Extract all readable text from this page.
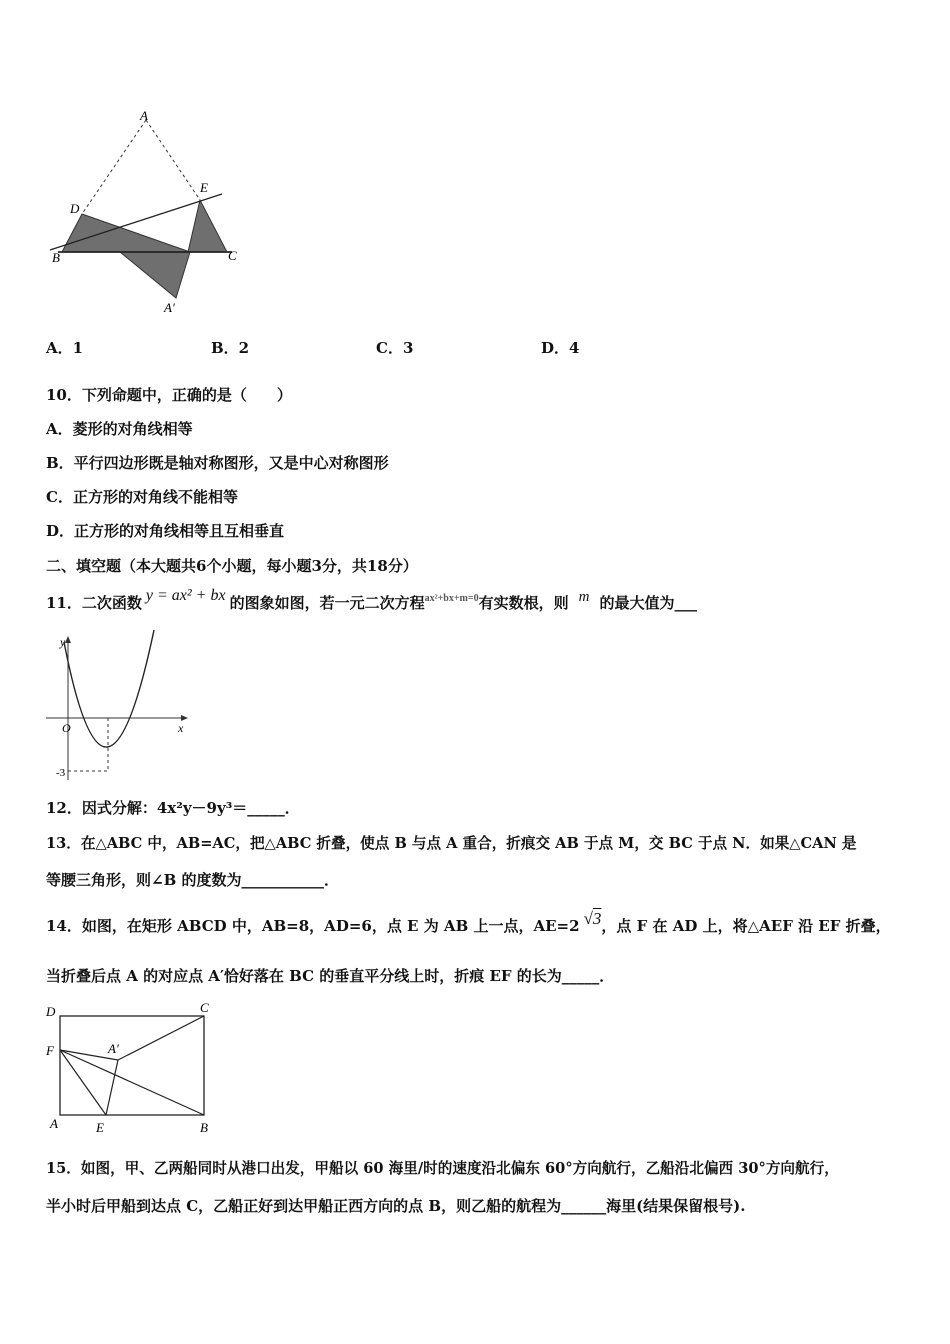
A
E
D
B	C
A′
A．1	B．2	C．3	D．4
10．下列命题中，正确的是（　　）
A．菱形的对角线相等
B．平行四边形既是轴对称图形，又是中心对称图形
C．正方形的对角线不能相等
D．正方形的对角线相等且互相垂直
二、填空题（本大题共6个小题，每小题3分，共18分）
11．二次函数 y = ax² + bx 的图象如图，若一元二次方程$^{ax^2+bx+m=0}$有实数根，则 m 的最大值为___
y
x
O
-3
12．因式分解：4x²y－9y³＝_____．
13．在△ABC 中，AB=AC，把△ABC 折叠，使点 B 与点 A 重合，折痕交 AB 于点 M，交 BC 于点 N．如果△CAN 是
等腰三角形，则∠B 的度数为___________．
14．如图，在矩形 ABCD 中，AB=8，AD=6，点 E 为 AB 上一点，AE=2 √3，点 F 在 AD 上，将△AEF 沿 EF 折叠，
当折叠后点 A 的对应点 A′恰好落在 BC 的垂直平分线上时，折痕 EF 的长为_____．
D	C
F	A′
A	E	B
15．如图，甲、乙两船同时从港口出发，甲船以 60 海里/时的速度沿北偏东 60°方向航行，乙船沿北偏西 30°方向航行，
半小时后甲船到达点 C，乙船正好到达甲船正西方向的点 B，则乙船的航程为______海里(结果保留根号).
